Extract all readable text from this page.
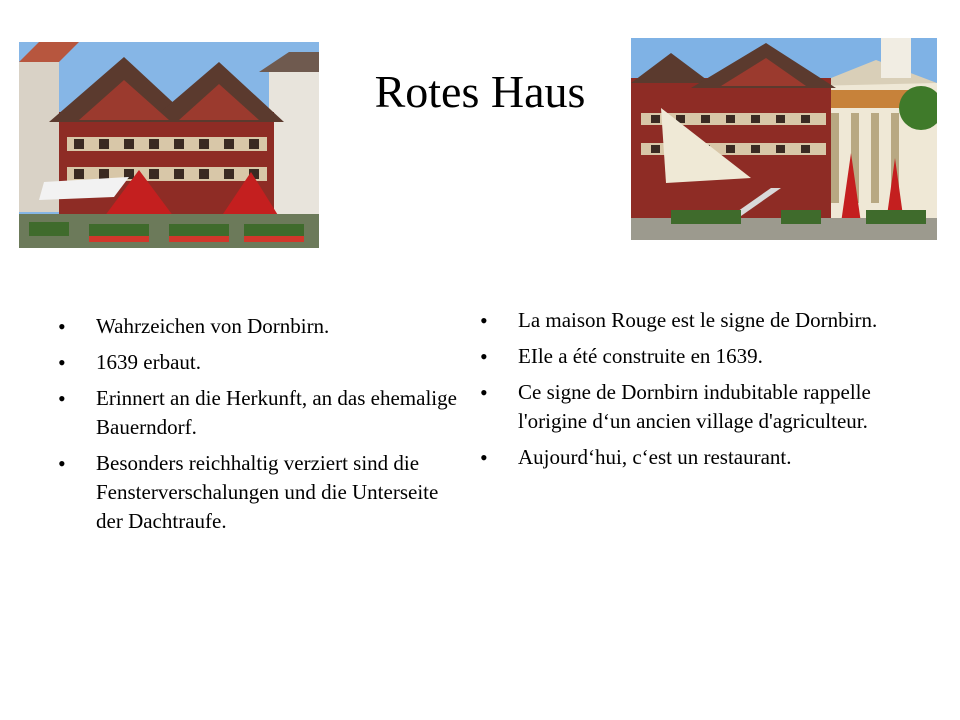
Rotes Haus
• Wahrzeichen von Dornbirn.
• 1639 erbaut.
• Erinnert an die Herkunft, an das ehemalige Bauerndorf.
• Besonders reichhaltig verziert sind die Fensterverschalungen und die Unterseite der Dachtraufe.
• La maison Rouge est le signe de Dornbirn.
• EIle a été construite en 1639.
• Ce signe de Dornbirn indubitable rappelle l'origine d‘un ancien village d'agriculteur.
• Aujourd‘hui, c‘est un restaurant.
